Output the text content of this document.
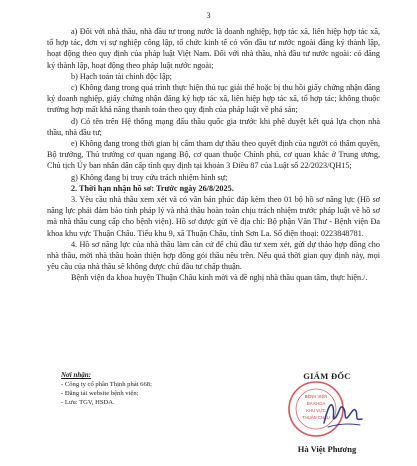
3

a) Đối với nhà thầu, nhà đầu tư trong nước là doanh nghiệp, hợp tác xã, liên hiệp hợp tác xã, tổ hợp tác, đơn vị sự nghiệp công lập, tổ chức kinh tế có vốn đầu tư nước ngoài đăng ký thành lập, hoạt động theo quy định của pháp luật Việt Nam. Đối với nhà thầu, nhà đầu tư nước ngoài: có đăng ký thành lập, hoạt động theo pháp luật nước ngoài;

b) Hạch toán tài chính độc lập;

c) Không đang trong quá trình thực hiện thủ tục giải thể hoặc bị thu hồi giấy chứng nhận đăng ký doanh nghiệp, giấy chứng nhận đăng ký hợp tác xã, liên hiệp hợp tác xã, tổ hợp tác; không thuộc trường hợp mất khả năng thanh toán theo quy định của pháp luật về phá sản;

d) Có tên trên Hệ thống mạng đấu thầu quốc gia trước khi phê duyệt kết quả lựa chọn nhà thầu, nhà đầu tư;

e) Không đang trong thời gian bị cấm tham dự thầu theo quyết định của người có thẩm quyền, Bộ trưởng, Thủ trưởng cơ quan ngang Bộ, cơ quan thuộc Chính phủ, cơ quan khác ở Trung ương, Chủ tịch Ủy ban nhân dân cấp tỉnh quy định tại khoản 3 Điều 87 của Luật số 22/2023/QH15;

g) Không đang bị truy cứu trách nhiệm hình sự;

2. Thời hạn nhận hồ sơ: Trước ngày 26/8/2025.

3. Yêu cầu nhà thầu xem xét và có văn bản phúc đáp kèm theo 01 bộ hồ sơ năng lực (Hồ sơ năng lực phải đảm bảo tính pháp lý và nhà thầu hoàn toàn chịu trách nhiệm trước pháp luật về hồ sơ mà nhà thầu cung cấp cho bệnh viện). Hồ sơ được gửi về địa chỉ: Bộ phận Văn Thư - Bệnh viện Đa khoa khu vực Thuận Châu. Tiểu khu 9, xã Thuận Châu, tỉnh Sơn La. Số điện thoại: 0223848781.

4. Hồ sơ năng lực của nhà thầu làm căn cứ để chủ đầu tư xem xét, gửi dự thảo hợp đồng cho nhà thầu, mời nhà thầu hoàn thiện hợp đồng gói thầu nêu trên. Nếu quá thời gian quy định này, mọi yêu cầu của nhà thầu sẽ không được chủ đầu tư chấp thuận.

Bệnh viện đa khoa huyện Thuận Châu kính mời và đề nghị nhà thầu quan tâm, thực hiện./.

Nơi nhận:
- Công ty cổ phần Thịnh phát 668;
- Đăng tải website bệnh viện;
- Lưu: TGV, HSDA.
GIÁM ĐỐC
BỆNH VIỆN
ĐA KHOA
KHU VỰC
THUẬN CHÂU
Hà Việt Phương
